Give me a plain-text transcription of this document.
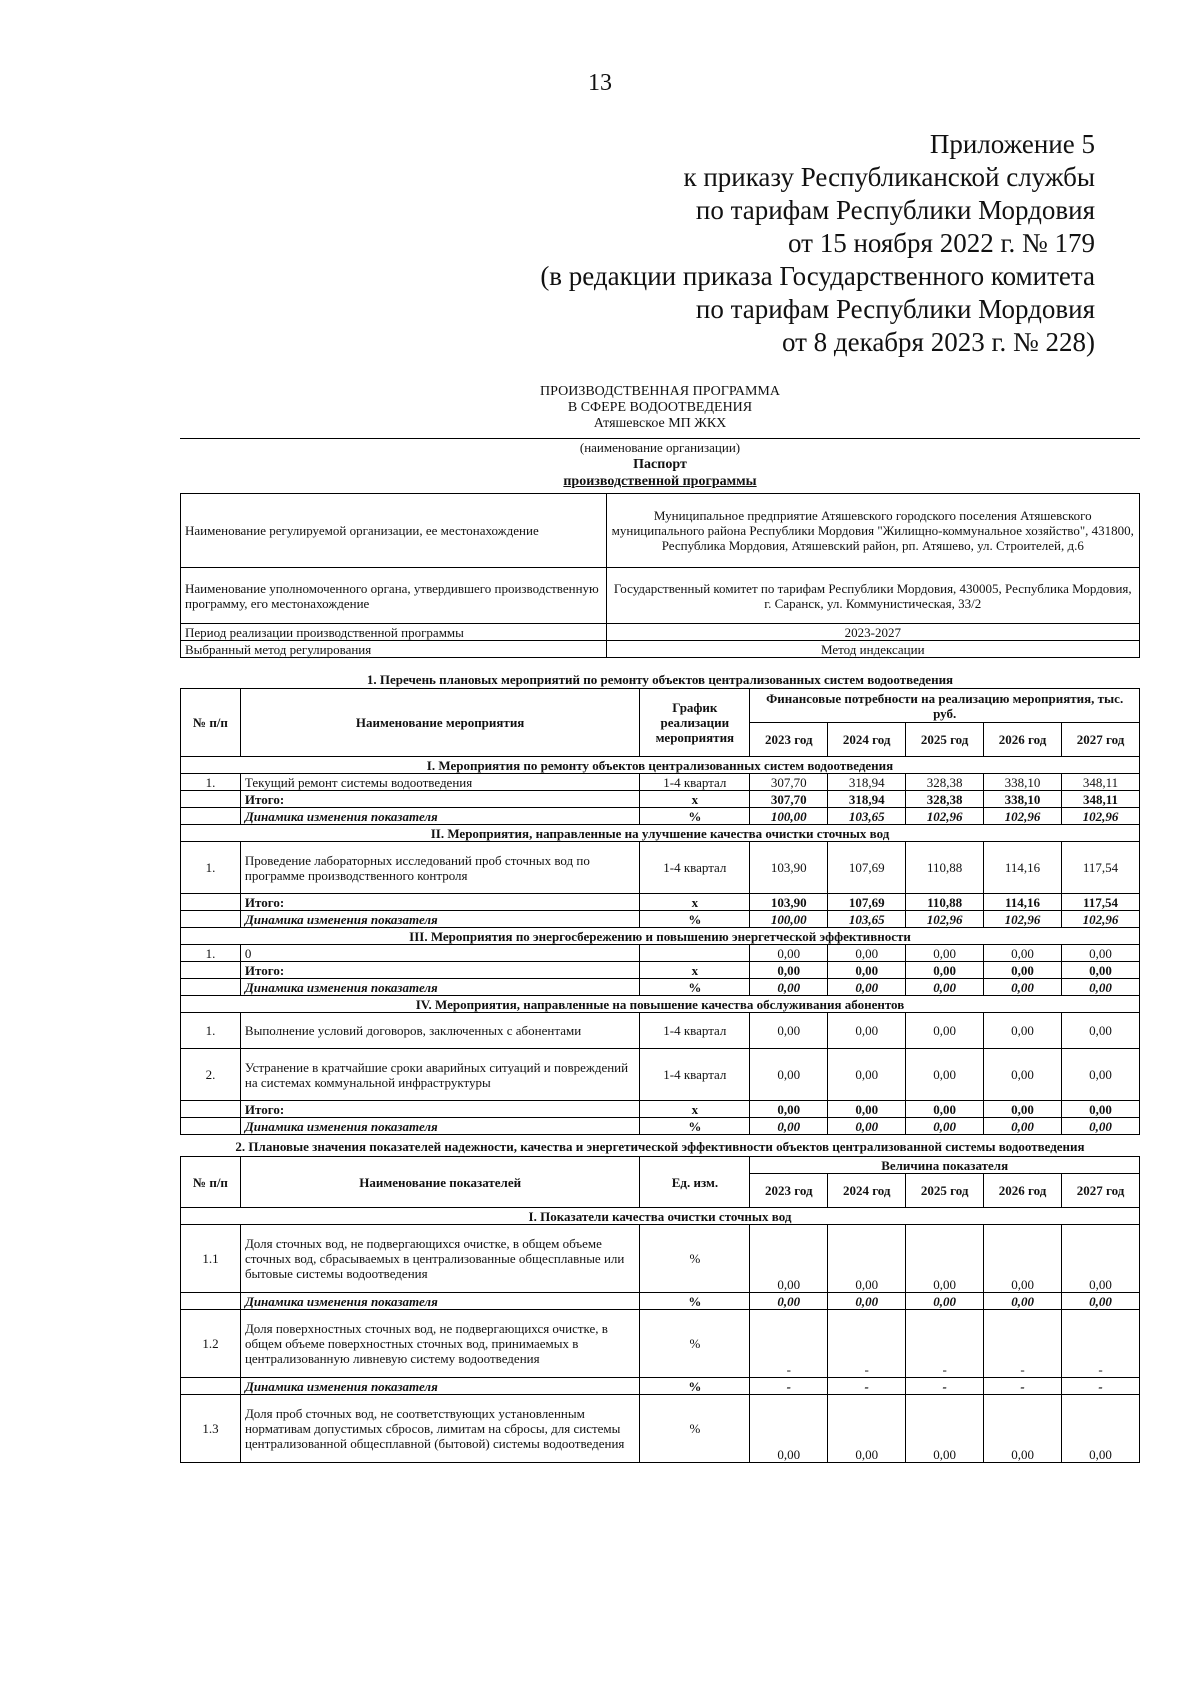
13
Приложение 5
к приказу Республиканской службы
по тарифам Республики Мордовия
от 15 ноября 2022 г. № 179
(в редакции приказа Государственного комитета
по тарифам Республики Мордовия
от 8 декабря 2023 г. № 228)
ПРОИЗВОДСТВЕННАЯ ПРОГРАММА
В СФЕРЕ ВОДООТВЕДЕНИЯ
Атяшевское МП ЖКХ
(наименование организации)
Паспорт
производственной программы
Наименование регулируемой организации, ее местонахождение	Муниципальное предприятие Атяшевского городского поселения Атяшевского муниципального района Республики Мордовия "Жилищно-коммунальное хозяйство", 431800, Республика Мордовия, Атяшевский район, рп. Атяшево, ул. Строителей, д.6
Наименование уполномоченного органа, утвердившего производственную программу, его местонахождение	Государственный комитет по тарифам Республики Мордовия, 430005, Республика Мордовия, г. Саранск, ул. Коммунистическая, 33/2
Период реализации производственной программы	2023-2027
Выбранный метод регулирования	Метод индексации
1. Перечень плановых мероприятий по ремонту объектов централизованных систем водоотведения
№ п/п	Наименование мероприятия	График реализации мероприятия	Финансовые потребности на реализацию мероприятия, тыс. руб.				
			2023 год	2024 год	2025 год	2026 год	2027 год
I. Мероприятия по ремонту объектов централизованных систем водоотведения							
1.	Текущий ремонт системы водоотведения	1-4 квартал	307,70	318,94	328,38	338,10	348,11
	Итого:	х	307,70	318,94	328,38	338,10	348,11
	Динамика изменения показателя	%	100,00	103,65	102,96	102,96	102,96
II. Мероприятия, направленные на улучшение качества очистки сточных вод							
1.	Проведение лабораторных исследований проб сточных вод по программе производственного контроля	1-4 квартал	103,90	107,69	110,88	114,16	117,54
	Итого:	х	103,90	107,69	110,88	114,16	117,54
	Динамика изменения показателя	%	100,00	103,65	102,96	102,96	102,96
III. Мероприятия по энергосбережению и повышению энергетческой эффективности							
1.	0		0,00	0,00	0,00	0,00	0,00
	Итого:	х	0,00	0,00	0,00	0,00	0,00
	Динамика изменения показателя	%	0,00	0,00	0,00	0,00	0,00
IV. Мероприятия, направленные на повышение качества обслуживания абонентов							
1.	Выполнение условий договоров, заключенных с абонентами	1-4 квартал	0,00	0,00	0,00	0,00	0,00
2.	Устранение в кратчайшие сроки аварийных ситуаций и повреждений на системах коммунальной инфраструктуры	1-4 квартал	0,00	0,00	0,00	0,00	0,00
	Итого:	х	0,00	0,00	0,00	0,00	0,00
	Динамика изменения показателя	%	0,00	0,00	0,00	0,00	0,00
2. Плановые значения показателей надежности, качества и энергетической эффективности объектов централизованной системы водоотведения
№ п/п	Наименование показателей	Ед. изм.	Величина показателя				
			2023 год	2024 год	2025 год	2026 год	2027 год
I. Показатели качества очистки сточных вод							
1.1	Доля сточных вод, не подвергающихся очистке, в общем объеме сточных вод, сбрасываемых в централизованные общесплавные или бытовые системы водоотведения	%	0,00	0,00	0,00	0,00	0,00
	Динамика изменения показателя	%	0,00	0,00	0,00	0,00	0,00
1.2	Доля поверхностных сточных вод, не подвергающихся очистке, в общем объеме поверхностных сточных вод, принимаемых в централизованную ливневую систему водоотведения	%	-	-	-	-	-
	Динамика изменения показателя	%	-	-	-	-	-
1.3	Доля проб сточных вод, не соответствующих установленным нормативам допустимых сбросов, лимитам на сбросы, для системы централизованной общесплавной (бытовой) системы водоотведения	%	0,00	0,00	0,00	0,00	0,00
